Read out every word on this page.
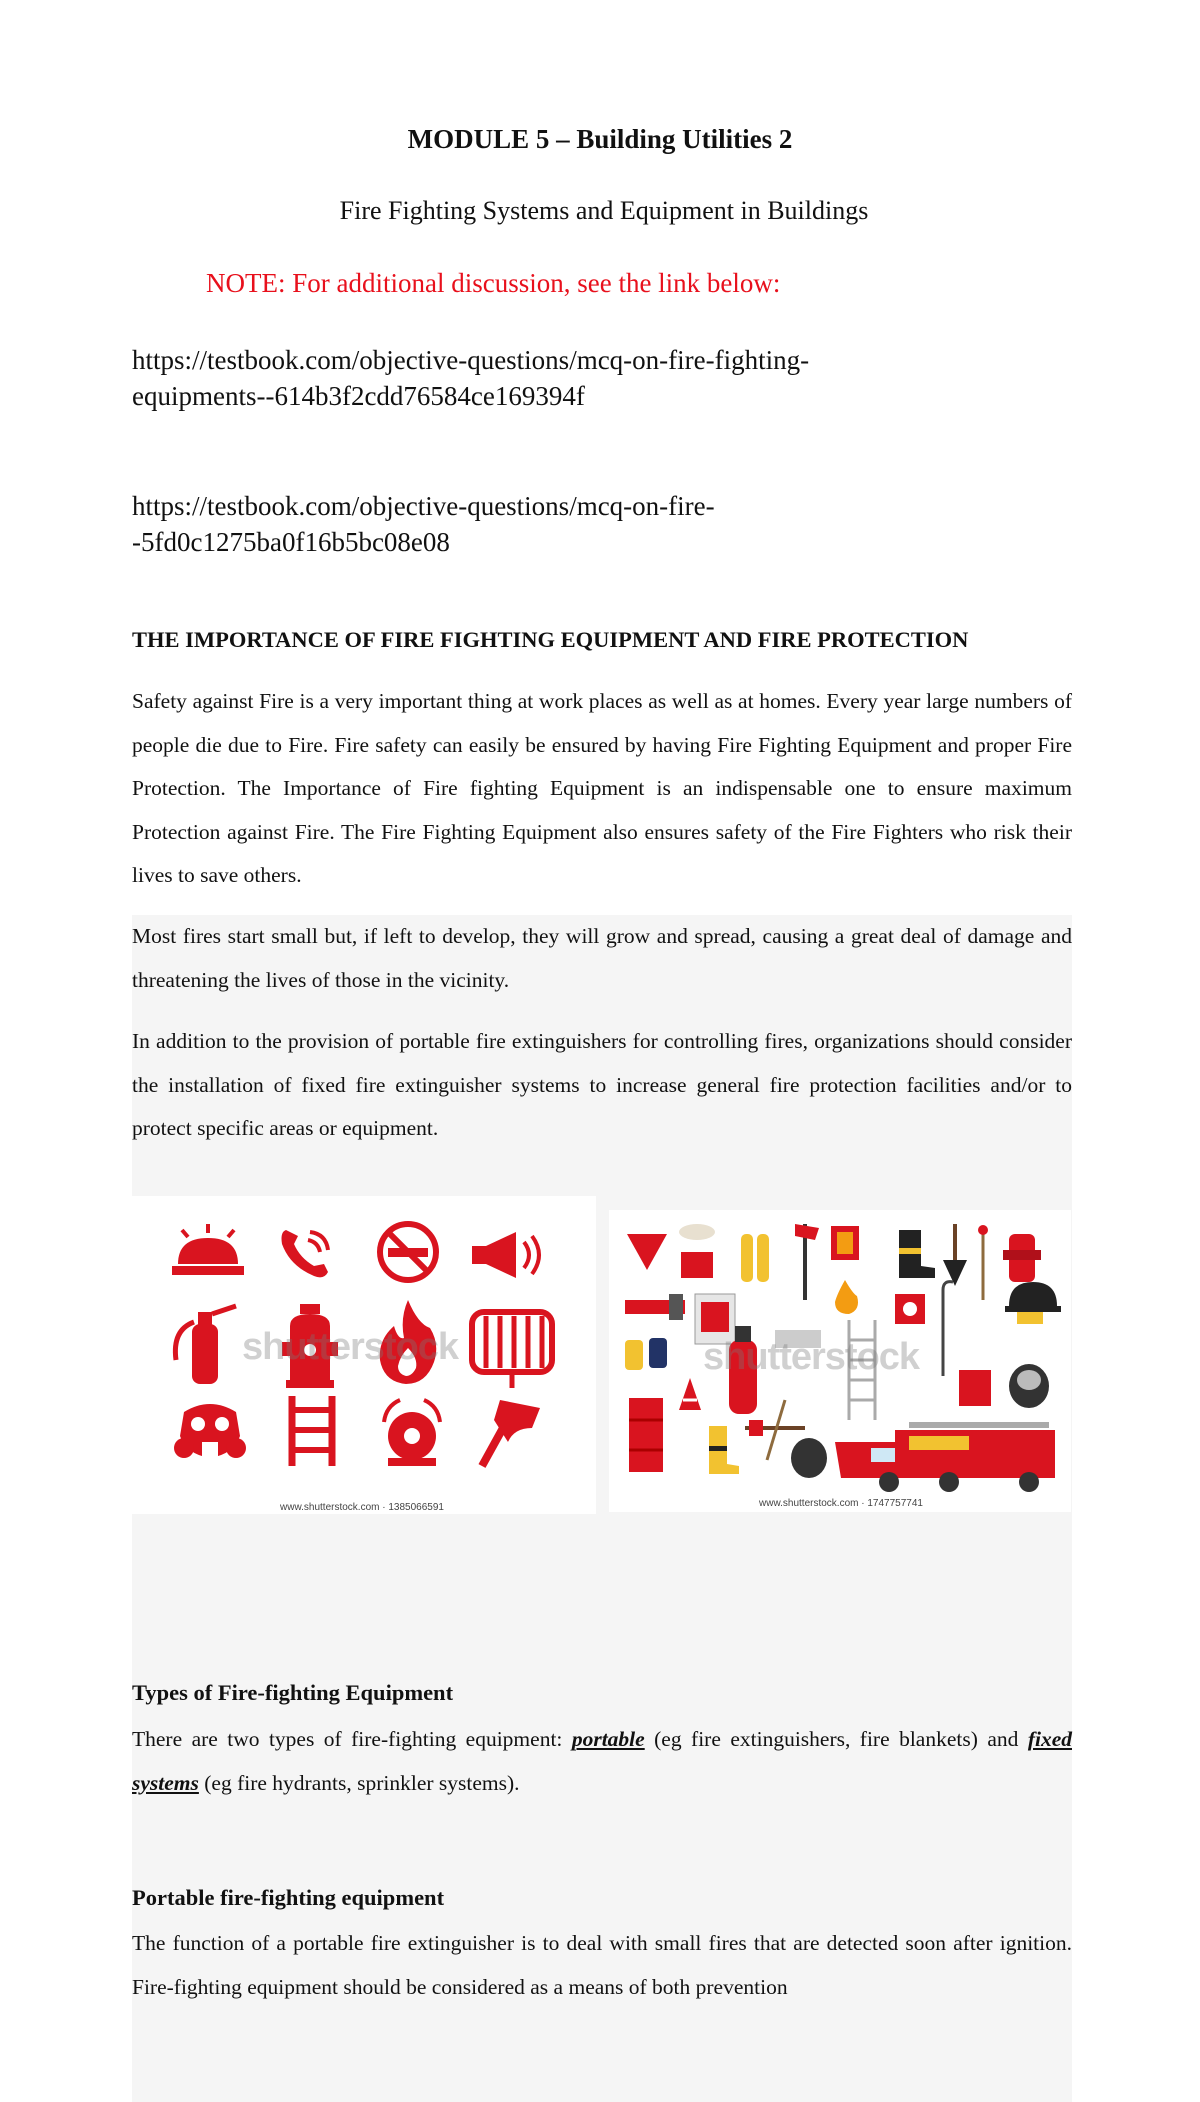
MODULE 5 – Building Utilities 2
Fire Fighting Systems and Equipment in Buildings
NOTE: For additional discussion, see the link below:
https://testbook.com/objective-questions/mcq-on-fire-fighting-equipments--614b3f2cdd76584ce169394f
https://testbook.com/objective-questions/mcq-on-fire--5fd0c1275ba0f16b5bc08e08
THE IMPORTANCE OF FIRE FIGHTING EQUIPMENT AND FIRE PROTECTION
Safety against Fire is a very important thing at work places as well as at homes. Every year large numbers of people die due to Fire. Fire safety can easily be ensured by having Fire Fighting Equipment and proper Fire Protection. The Importance of Fire fighting Equipment is an indispensable one to ensure maximum Protection against Fire. The Fire Fighting Equipment also ensures safety of the Fire Fighters who risk their lives to save others.
Most fires start small but, if left to develop, they will grow and spread, causing a great deal of damage and threatening the lives of those in the vicinity.
In addition to the provision of portable fire extinguishers for controlling fires, organizations should consider the installation of fixed fire extinguisher systems to increase general fire protection facilities and/or to protect specific areas or equipment.
shutterstock
www.shutterstock.com · 1385066591
shutterstock
www.shutterstock.com · 1747757741
Types of Fire-fighting Equipment
There are two types of fire-fighting equipment: portable (eg fire extinguishers, fire blankets) and fixed systems (eg fire hydrants, sprinkler systems).
Portable fire-fighting equipment
The function of a portable fire extinguisher is to deal with small fires that are detected soon after ignition. Fire-fighting equipment should be considered as a means of both prevention
